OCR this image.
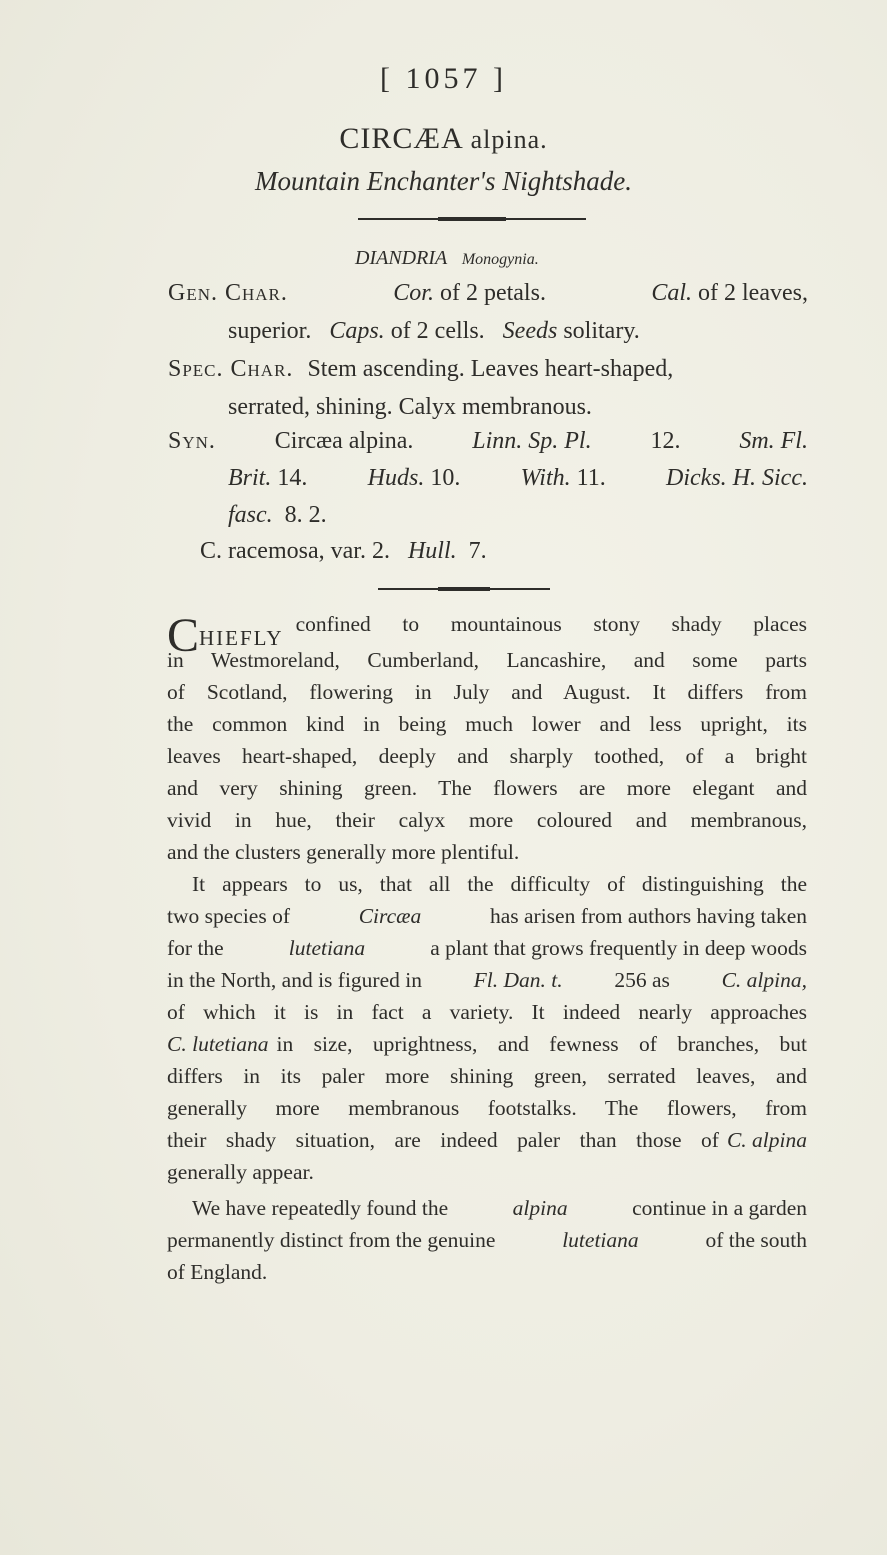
[ 1057 ]
CIRCÆA alpina.
Mountain Enchanter's Nightshade.
DIANDRIA Monogynia.
Gen. Char.	Cor. of 2 petals.	Cal. of 2 leaves,
superior. Caps. of 2 cells. Seeds solitary.
Spec. Char. Stem ascending. Leaves heart-shaped,
serrated, shining. Calyx membranous.
Syn. Circæa alpina. Linn. Sp. Pl. 12. Sm. Fl.
Brit. 14.	Huds. 10.	With. 11.	Dicks. H. Sicc.
fasc. 8. 2.
C. racemosa, var. 2. Hull. 7.
CHIEFLY
confined to mountainous stony shady places
in Westmoreland, Cumberland, Lancashire, and some parts
of Scotland, flowering in July and August. It differs from
the common kind in being much lower and less upright, its
leaves heart-shaped, deeply and sharply toothed, of a bright
and very shining green. The flowers are more elegant and
vivid in hue, their calyx more coloured and membranous,
and the clusters generally more plentiful.
It appears to us, that all the difficulty of distinguishing the
two species of	Circæa	has arisen from authors having taken
for the	lutetiana	a plant that grows frequently in deep woods
in the North, and is figured in Fl. Dan. t. 256 as C. alpina,
of which it is in fact a variety. It indeed nearly approaches
C. lutetiana in size, uprightness, and fewness of branches, but
differs in its paler more shining green, serrated leaves, and
generally more membranous footstalks. The flowers, from
their shady situation, are indeed paler than those of C. alpina
generally appear.
We have repeatedly found the	alpina	continue in a garden
permanently distinct from the genuine	lutetiana	of the south
of England.
